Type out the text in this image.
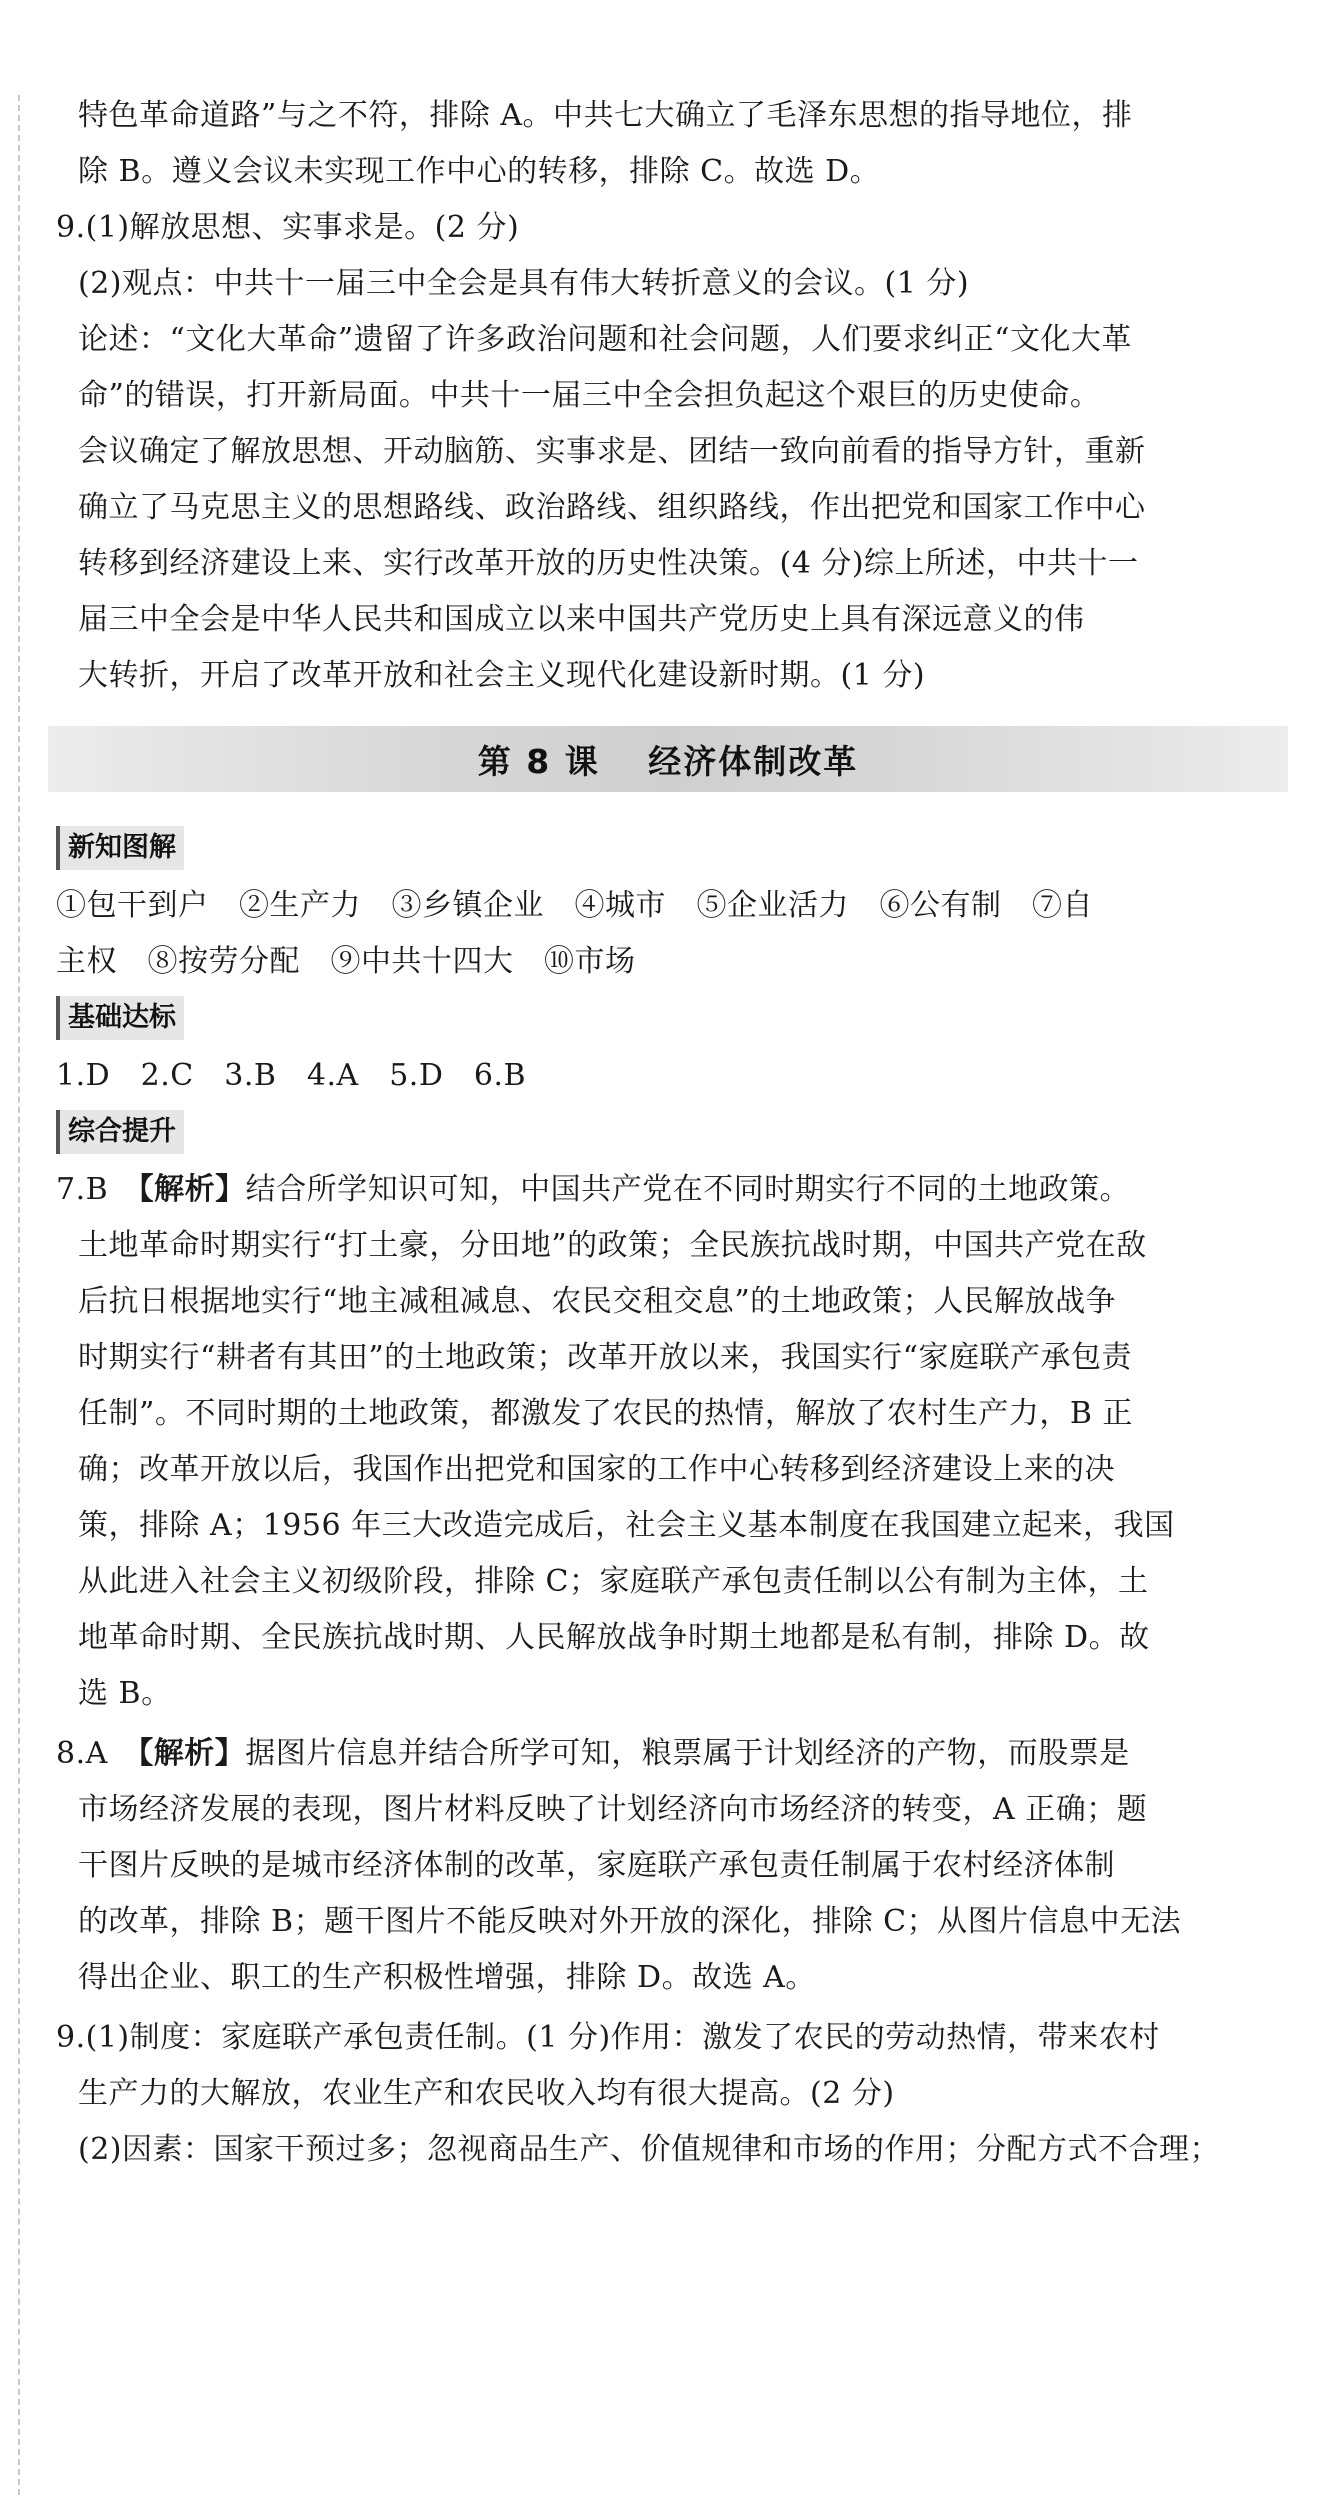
特色革命道路”与之不符，排除 A。中共七大确立了毛泽东思想的指导地位，排

除 B。遵义会议未实现工作中心的转移，排除 C。故选 D。

9.(1)解放思想、实事求是。(2 分)

(2)观点：中共十一届三中全会是具有伟大转折意义的会议。(1 分)

论述：“文化大革命”遗留了许多政治问题和社会问题，人们要求纠正“文化大革

命”的错误，打开新局面。中共十一届三中全会担负起这个艰巨的历史使命。

会议确定了解放思想、开动脑筋、实事求是、团结一致向前看的指导方针，重新

确立了马克思主义的思想路线、政治路线、组织路线，作出把党和国家工作中心

转移到经济建设上来、实行改革开放的历史性决策。(4 分)综上所述，中共十一

届三中全会是中华人民共和国成立以来中国共产党历史上具有深远意义的伟

大转折，开启了改革开放和社会主义现代化建设新时期。(1 分)

第 8 课　 经济体制改革
新知图解

①包干到户　②生产力　③乡镇企业　④城市　⑤企业活力　⑥公有制　⑦自

主权　⑧按劳分配　⑨中共十四大　⑩市场

基础达标

1.D　2.C　3.B　4.A　5.D　6.B

综合提升

7.B　【解析】结合所学知识可知，中国共产党在不同时期实行不同的土地政策。

土地革命时期实行“打土豪，分田地”的政策；全民族抗战时期，中国共产党在敌

后抗日根据地实行“地主减租减息、农民交租交息”的土地政策；人民解放战争

时期实行“耕者有其田”的土地政策；改革开放以来，我国实行“家庭联产承包责

任制”。不同时期的土地政策，都激发了农民的热情，解放了农村生产力，B 正

确；改革开放以后，我国作出把党和国家的工作中心转移到经济建设上来的决

策，排除 A；1956 年三大改造完成后，社会主义基本制度在我国建立起来，我国

从此进入社会主义初级阶段，排除 C；家庭联产承包责任制以公有制为主体，土

地革命时期、全民族抗战时期、人民解放战争时期土地都是私有制，排除 D。故

选 B。

8.A　【解析】据图片信息并结合所学可知，粮票属于计划经济的产物，而股票是

市场经济发展的表现，图片材料反映了计划经济向市场经济的转变，A 正确；题

干图片反映的是城市经济体制的改革，家庭联产承包责任制属于农村经济体制

的改革，排除 B；题干图片不能反映对外开放的深化，排除 C；从图片信息中无法

得出企业、职工的生产积极性增强，排除 D。故选 A。

9.(1)制度：家庭联产承包责任制。(1 分)作用：激发了农民的劳动热情，带来农村

生产力的大解放，农业生产和农民收入均有很大提高。(2 分)

(2)因素：国家干预过多；忽视商品生产、价值规律和市场的作用；分配方式不合理；
